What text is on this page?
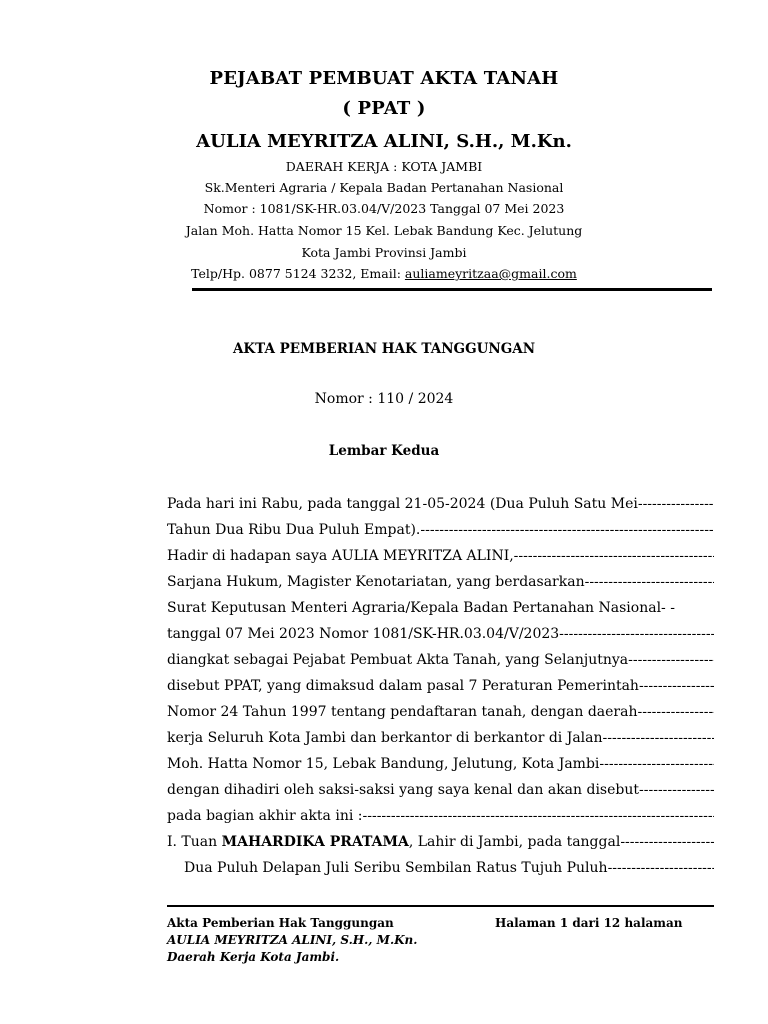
PEJABAT PEMBUAT AKTA TANAH
( PPAT )
AULIA MEYRITZA ALINI, S.H., M.Kn.
DAERAH KERJA : KOTA JAMBI
Sk.Menteri Agraria / Kepala Badan Pertanahan Nasional
Nomor : 1081/SK-HR.03.04/V/2023 Tanggal 07 Mei 2023
Jalan Moh. Hatta Nomor 15 Kel. Lebak Bandung Kec. Jelutung
Kota Jambi Provinsi Jambi
Telp/Hp. 0877 5124 3232, Email: auliameyritzaa@gmail.com
AKTA PEMBERIAN HAK TANGGUNGAN
Nomor : 110 / 2024
Lembar Kedua
Pada hari ini Rabu, pada tanggal 21-05-2024 (Dua Puluh Satu Mei
-----
Tahun Dua Ribu Dua Puluh Empat).
-----
Hadir di hadapan saya AULIA MEYRITZA ALINI,
-----
Sarjana Hukum, Magister Kenotariatan, yang berdasarkan
-----
Surat Keputusan Menteri Agraria/Kepala Badan Pertanahan Nasional- -
tanggal 07 Mei 2023 Nomor 1081/SK-HR.03.04/V/2023
-----
diangkat sebagai Pejabat Pembuat Akta Tanah, yang Selanjutnya
-----
disebut PPAT, yang dimaksud dalam pasal 7 Peraturan Pemerintah
-----
Nomor 24 Tahun 1997 tentang pendaftaran tanah, dengan daerah
-----
kerja Seluruh Kota Jambi dan berkantor di berkantor di Jalan
-----
Moh. Hatta Nomor 15, Lebak Bandung, Jelutung, Kota Jambi
-----
dengan dihadiri oleh saksi-saksi yang saya kenal dan akan disebut
-----
pada bagian akhir akta ini :
-----
I. Tuan MAHARDIKA PRATAMA, Lahir di Jambi, pada tanggal
-----
Dua Puluh Delapan Juli Seribu Sembilan Ratus Tujuh Puluh
-----
Akta Pemberian Hak Tanggungan
AULIA MEYRITZA ALINI, S.H., M.Kn.
Daerah Kerja Kota Jambi.
Halaman 1 dari 12 halaman
